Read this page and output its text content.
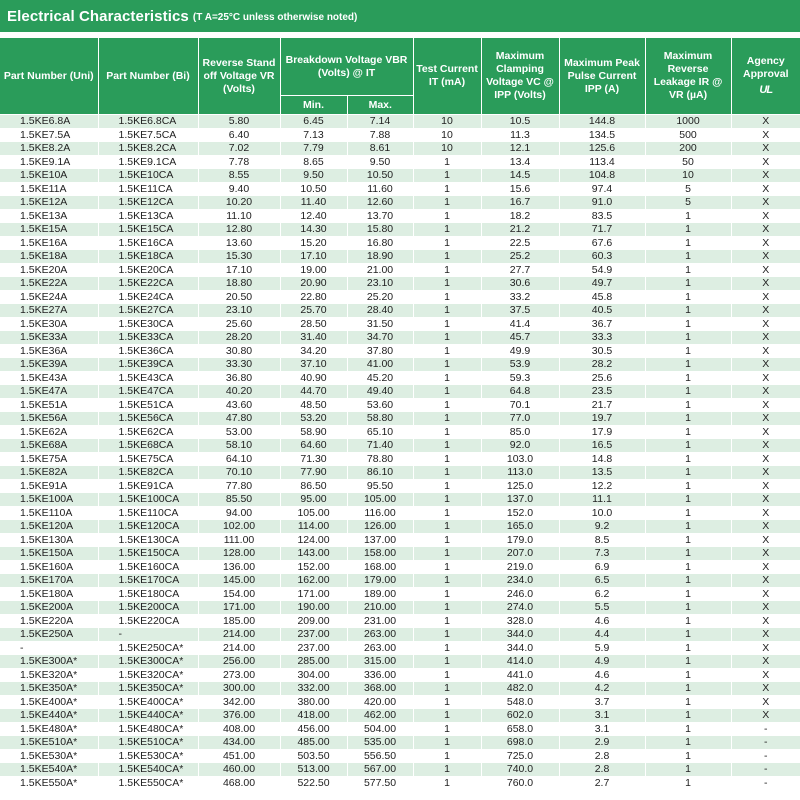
Electrical Characteristics (T A=25°C unless otherwise noted)
Part Number (Uni)	Part Number (Bi)	Reverse Stand off Voltage VR (Volts)	Breakdown Voltage VBR (Volts) @ IT		Test Current IT (mA)	Maximum Clamping Voltage VC @ IPP (Volts)	Maximum Peak Pulse Current IPP (A)	Maximum Reverse Leakage IR @ VR (µA)	Agency Approval
UL
			Min.	Max.					
1.5KE6.8A	1.5KE6.8CA	5.80	6.45	7.14	10	10.5	144.8	1000	X
1.5KE7.5A	1.5KE7.5CA	6.40	7.13	7.88	10	11.3	134.5	500	X
1.5KE8.2A	1.5KE8.2CA	7.02	7.79	8.61	10	12.1	125.6	200	X
1.5KE9.1A	1.5KE9.1CA	7.78	8.65	9.50	1	13.4	113.4	50	X
1.5KE10A	1.5KE10CA	8.55	9.50	10.50	1	14.5	104.8	10	X
1.5KE11A	1.5KE11CA	9.40	10.50	11.60	1	15.6	97.4	5	X
1.5KE12A	1.5KE12CA	10.20	11.40	12.60	1	16.7	91.0	5	X
1.5KE13A	1.5KE13CA	11.10	12.40	13.70	1	18.2	83.5	1	X
1.5KE15A	1.5KE15CA	12.80	14.30	15.80	1	21.2	71.7	1	X
1.5KE16A	1.5KE16CA	13.60	15.20	16.80	1	22.5	67.6	1	X
1.5KE18A	1.5KE18CA	15.30	17.10	18.90	1	25.2	60.3	1	X
1.5KE20A	1.5KE20CA	17.10	19.00	21.00	1	27.7	54.9	1	X
1.5KE22A	1.5KE22CA	18.80	20.90	23.10	1	30.6	49.7	1	X
1.5KE24A	1.5KE24CA	20.50	22.80	25.20	1	33.2	45.8	1	X
1.5KE27A	1.5KE27CA	23.10	25.70	28.40	1	37.5	40.5	1	X
1.5KE30A	1.5KE30CA	25.60	28.50	31.50	1	41.4	36.7	1	X
1.5KE33A	1.5KE33CA	28.20	31.40	34.70	1	45.7	33.3	1	X
1.5KE36A	1.5KE36CA	30.80	34.20	37.80	1	49.9	30.5	1	X
1.5KE39A	1.5KE39CA	33.30	37.10	41.00	1	53.9	28.2	1	X
1.5KE43A	1.5KE43CA	36.80	40.90	45.20	1	59.3	25.6	1	X
1.5KE47A	1.5KE47CA	40.20	44.70	49.40	1	64.8	23.5	1	X
1.5KE51A	1.5KE51CA	43.60	48.50	53.60	1	70.1	21.7	1	X
1.5KE56A	1.5KE56CA	47.80	53.20	58.80	1	77.0	19.7	1	X
1.5KE62A	1.5KE62CA	53.00	58.90	65.10	1	85.0	17.9	1	X
1.5KE68A	1.5KE68CA	58.10	64.60	71.40	1	92.0	16.5	1	X
1.5KE75A	1.5KE75CA	64.10	71.30	78.80	1	103.0	14.8	1	X
1.5KE82A	1.5KE82CA	70.10	77.90	86.10	1	113.0	13.5	1	X
1.5KE91A	1.5KE91CA	77.80	86.50	95.50	1	125.0	12.2	1	X
1.5KE100A	1.5KE100CA	85.50	95.00	105.00	1	137.0	11.1	1	X
1.5KE110A	1.5KE110CA	94.00	105.00	116.00	1	152.0	10.0	1	X
1.5KE120A	1.5KE120CA	102.00	114.00	126.00	1	165.0	9.2	1	X
1.5KE130A	1.5KE130CA	111.00	124.00	137.00	1	179.0	8.5	1	X
1.5KE150A	1.5KE150CA	128.00	143.00	158.00	1	207.0	7.3	1	X
1.5KE160A	1.5KE160CA	136.00	152.00	168.00	1	219.0	6.9	1	X
1.5KE170A	1.5KE170CA	145.00	162.00	179.00	1	234.0	6.5	1	X
1.5KE180A	1.5KE180CA	154.00	171.00	189.00	1	246.0	6.2	1	X
1.5KE200A	1.5KE200CA	171.00	190.00	210.00	1	274.0	5.5	1	X
1.5KE220A	1.5KE220CA	185.00	209.00	231.00	1	328.0	4.6	1	X
1.5KE250A	-	214.00	237.00	263.00	1	344.0	4.4	1	X
-	1.5KE250CA*	214.00	237.00	263.00	1	344.0	5.9	1	X
1.5KE300A*	1.5KE300CA*	256.00	285.00	315.00	1	414.0	4.9	1	X
1.5KE320A*	1.5KE320CA*	273.00	304.00	336.00	1	441.0	4.6	1	X
1.5KE350A*	1.5KE350CA*	300.00	332.00	368.00	1	482.0	4.2	1	X
1.5KE400A*	1.5KE400CA*	342.00	380.00	420.00	1	548.0	3.7	1	X
1.5KE440A*	1.5KE440CA*	376.00	418.00	462.00	1	602.0	3.1	1	X
1.5KE480A*	1.5KE480CA*	408.00	456.00	504.00	1	658.0	3.1	1	-
1.5KE510A*	1.5KE510CA*	434.00	485.00	535.00	1	698.0	2.9	1	-
1.5KE530A*	1.5KE530CA*	451.00	503.50	556.50	1	725.0	2.8	1	-
1.5KE540A*	1.5KE540CA*	460.00	513.00	567.00	1	740.0	2.8	1	-
1.5KE550A*	1.5KE550CA*	468.00	522.50	577.50	1	760.0	2.7	1	-
